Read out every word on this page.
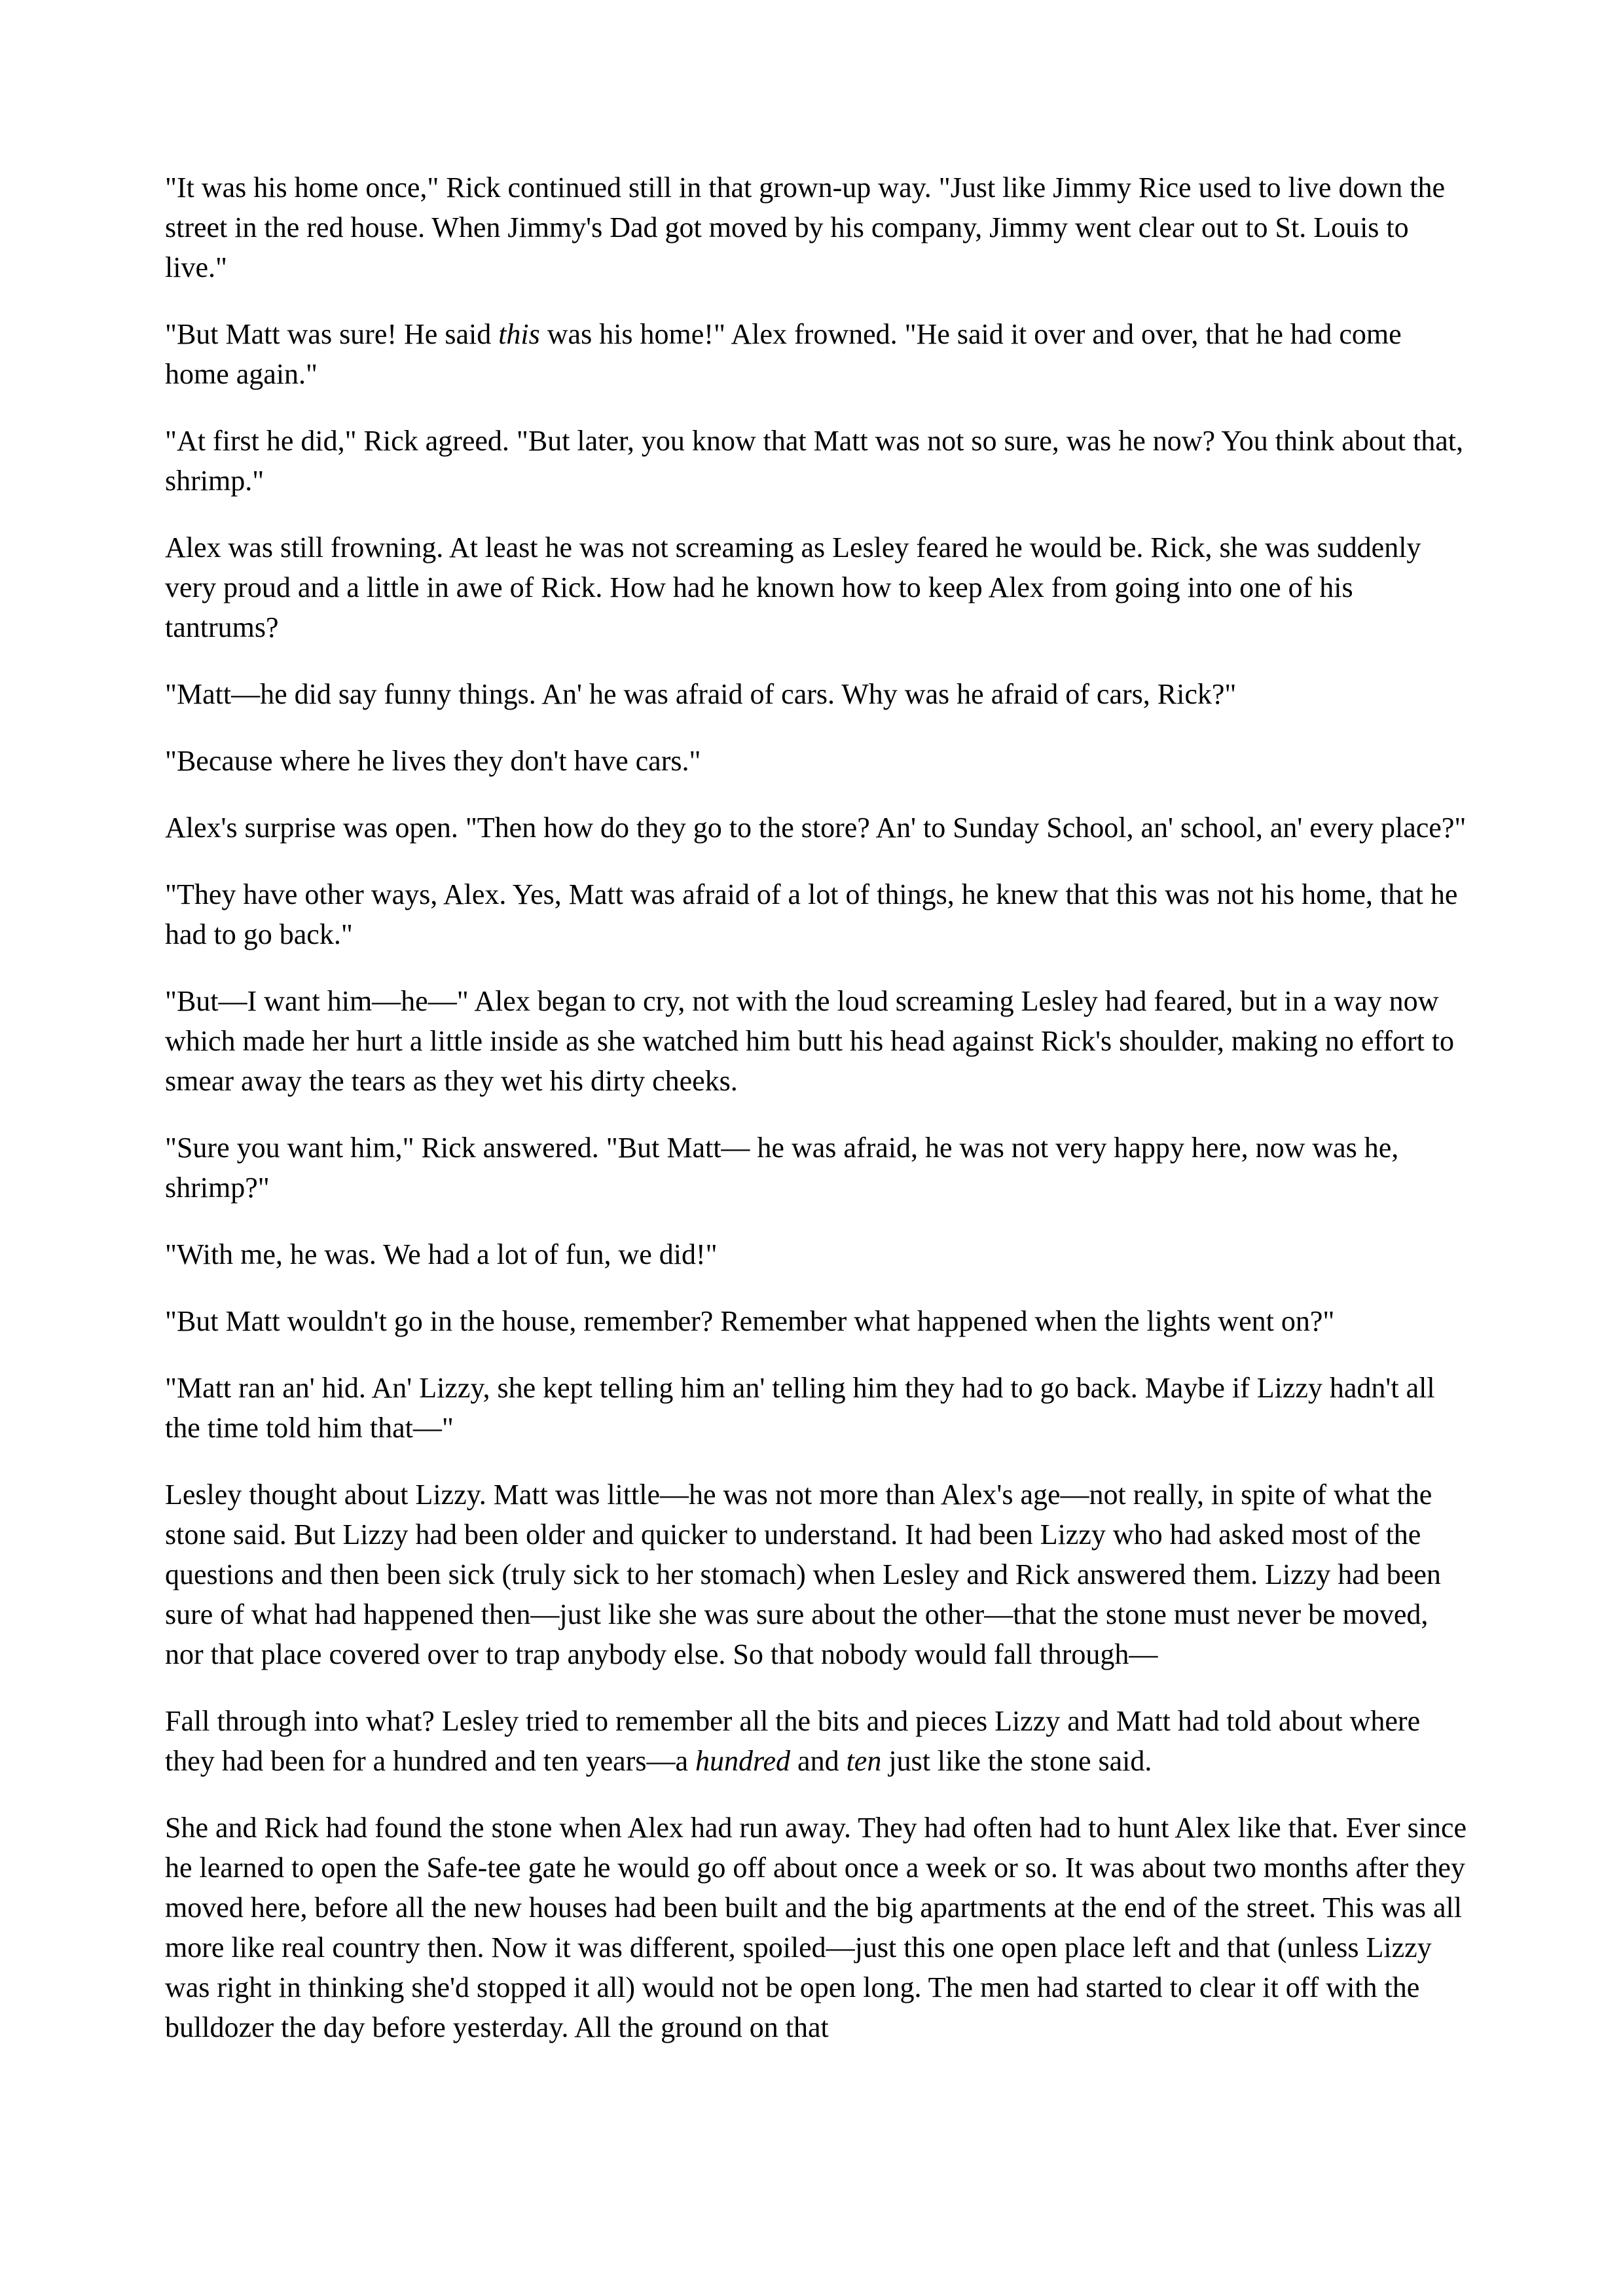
"It was his home once," Rick continued still in that grown-up way. "Just like Jimmy Rice used to live down the street in the red house. When Jimmy's Dad got moved by his company, Jimmy went clear out to St. Louis to live."

"But Matt was sure! He said this was his home!" Alex frowned. "He said it over and over, that he had come home again."

"At first he did," Rick agreed. "But later, you know that Matt was not so sure, was he now? You think about that, shrimp."

Alex was still frowning. At least he was not screaming as Lesley feared he would be. Rick, she was suddenly very proud and a little in awe of Rick. How had he known how to keep Alex from going into one of his tantrums?

"Matt—he did say funny things. An' he was afraid of cars. Why was he afraid of cars, Rick?"

"Because where he lives they don't have cars."

Alex's surprise was open. "Then how do they go to the store? An' to Sunday School, an' school, an' every place?"

"They have other ways, Alex. Yes, Matt was afraid of a lot of things, he knew that this was not his home, that he had to go back."

"But—I want him—he—" Alex began to cry, not with the loud screaming Lesley had feared, but in a way now which made her hurt a little inside as she watched him butt his head against Rick's shoulder, making no effort to smear away the tears as they wet his dirty cheeks.

"Sure you want him," Rick answered. "But Matt— he was afraid, he was not very happy here, now was he, shrimp?"

"With me, he was. We had a lot of fun, we did!"

"But Matt wouldn't go in the house, remember? Remember what happened when the lights went on?"

"Matt ran an' hid. An' Lizzy, she kept telling him an' telling him they had to go back. Maybe if Lizzy hadn't all the time told him that—"

Lesley thought about Lizzy. Matt was little—he was not more than Alex's age—not really, in spite of what the stone said. But Lizzy had been older and quicker to understand. It had been Lizzy who had asked most of the questions and then been sick (truly sick to her stomach) when Lesley and Rick answered them. Lizzy had been sure of what had happened then—just like she was sure about the other—that the stone must never be moved, nor that place covered over to trap anybody else. So that nobody would fall through—

Fall through into what? Lesley tried to remember all the bits and pieces Lizzy and Matt had told about where they had been for a hundred and ten years—a hundred and ten just like the stone said.

She and Rick had found the stone when Alex had run away. They had often had to hunt Alex like that. Ever since he learned to open the Safe-tee gate he would go off about once a week or so. It was about two months after they moved here, before all the new houses had been built and the big apartments at the end of the street. This was all more like real country then. Now it was different, spoiled—just this one open place left and that (unless Lizzy was right in thinking she'd stopped it all) would not be open long. The men had started to clear it off with the bulldozer the day before yesterday. All the ground on that
